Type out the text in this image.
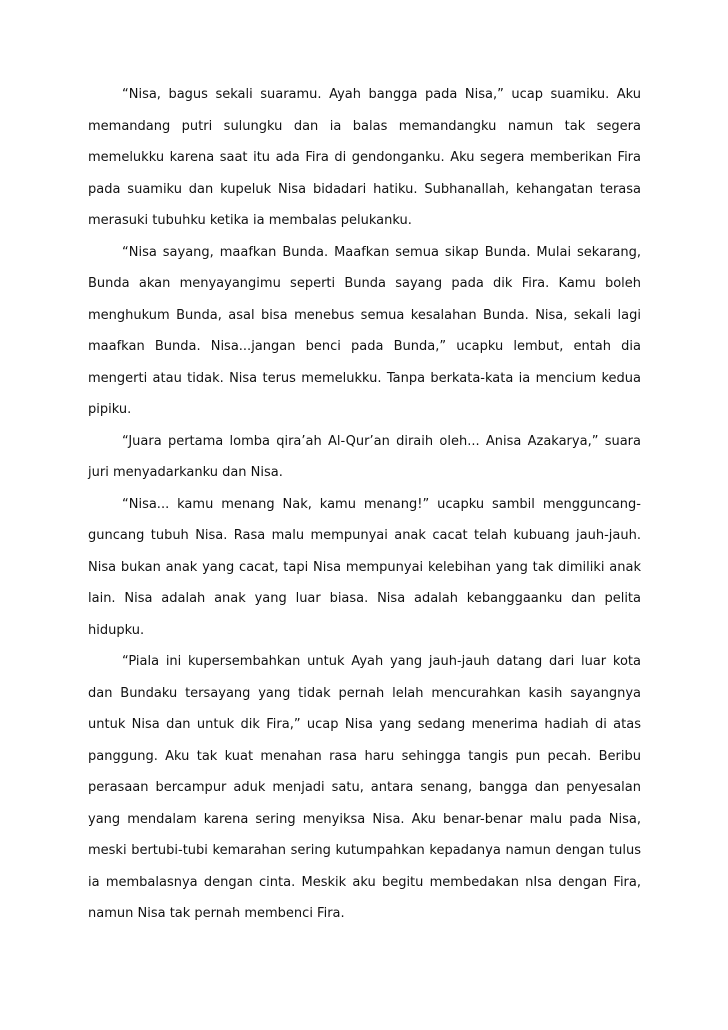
“Nisa, bagus sekali suaramu. Ayah bangga pada Nisa,” ucap suamiku. Aku memandang putri sulungku dan ia balas memandangku namun tak segera memelukku karena saat itu ada Fira di gendonganku. Aku segera memberikan Fira pada suamiku dan kupeluk Nisa bidadari hatiku. Subhanallah, kehangatan terasa merasuki tubuhku ketika ia membalas pelukanku.

“Nisa sayang, maafkan Bunda. Maafkan semua sikap Bunda. Mulai sekarang, Bunda akan menyayangimu seperti Bunda sayang pada dik Fira. Kamu boleh menghukum Bunda, asal bisa menebus semua kesalahan Bunda. Nisa, sekali lagi maafkan Bunda. Nisa...jangan benci pada Bunda,” ucapku lembut, entah dia mengerti atau tidak. Nisa terus memelukku. Tanpa berkata-kata ia mencium kedua pipiku.

“Juara pertama lomba qira’ah Al-Qur’an diraih oleh... Anisa Azakarya,” suara juri menyadarkanku dan Nisa.

“Nisa... kamu menang Nak, kamu menang!” ucapku sambil mengguncang-guncang tubuh Nisa. Rasa malu mempunyai anak cacat telah kubuang jauh-jauh. Nisa bukan anak yang cacat, tapi Nisa mempunyai kelebihan yang tak dimiliki anak lain. Nisa adalah anak yang luar biasa. Nisa adalah kebanggaanku dan pelita hidupku.

“Piala ini kupersembahkan untuk Ayah yang jauh-jauh datang dari luar kota dan Bundaku tersayang yang tidak pernah lelah mencurahkan kasih sayangnya untuk Nisa dan untuk dik Fira,” ucap Nisa yang sedang menerima hadiah di atas panggung. Aku tak kuat menahan rasa haru sehingga tangis pun pecah. Beribu perasaan bercampur aduk menjadi satu, antara senang, bangga dan penyesalan yang mendalam karena sering menyiksa Nisa. Aku benar-benar malu pada Nisa, meski bertubi-tubi kemarahan sering kutumpahkan kepadanya namun dengan tulus ia membalasnya dengan cinta. Meskik aku begitu membedakan nIsa dengan Fira, namun Nisa tak pernah membenci Fira.
